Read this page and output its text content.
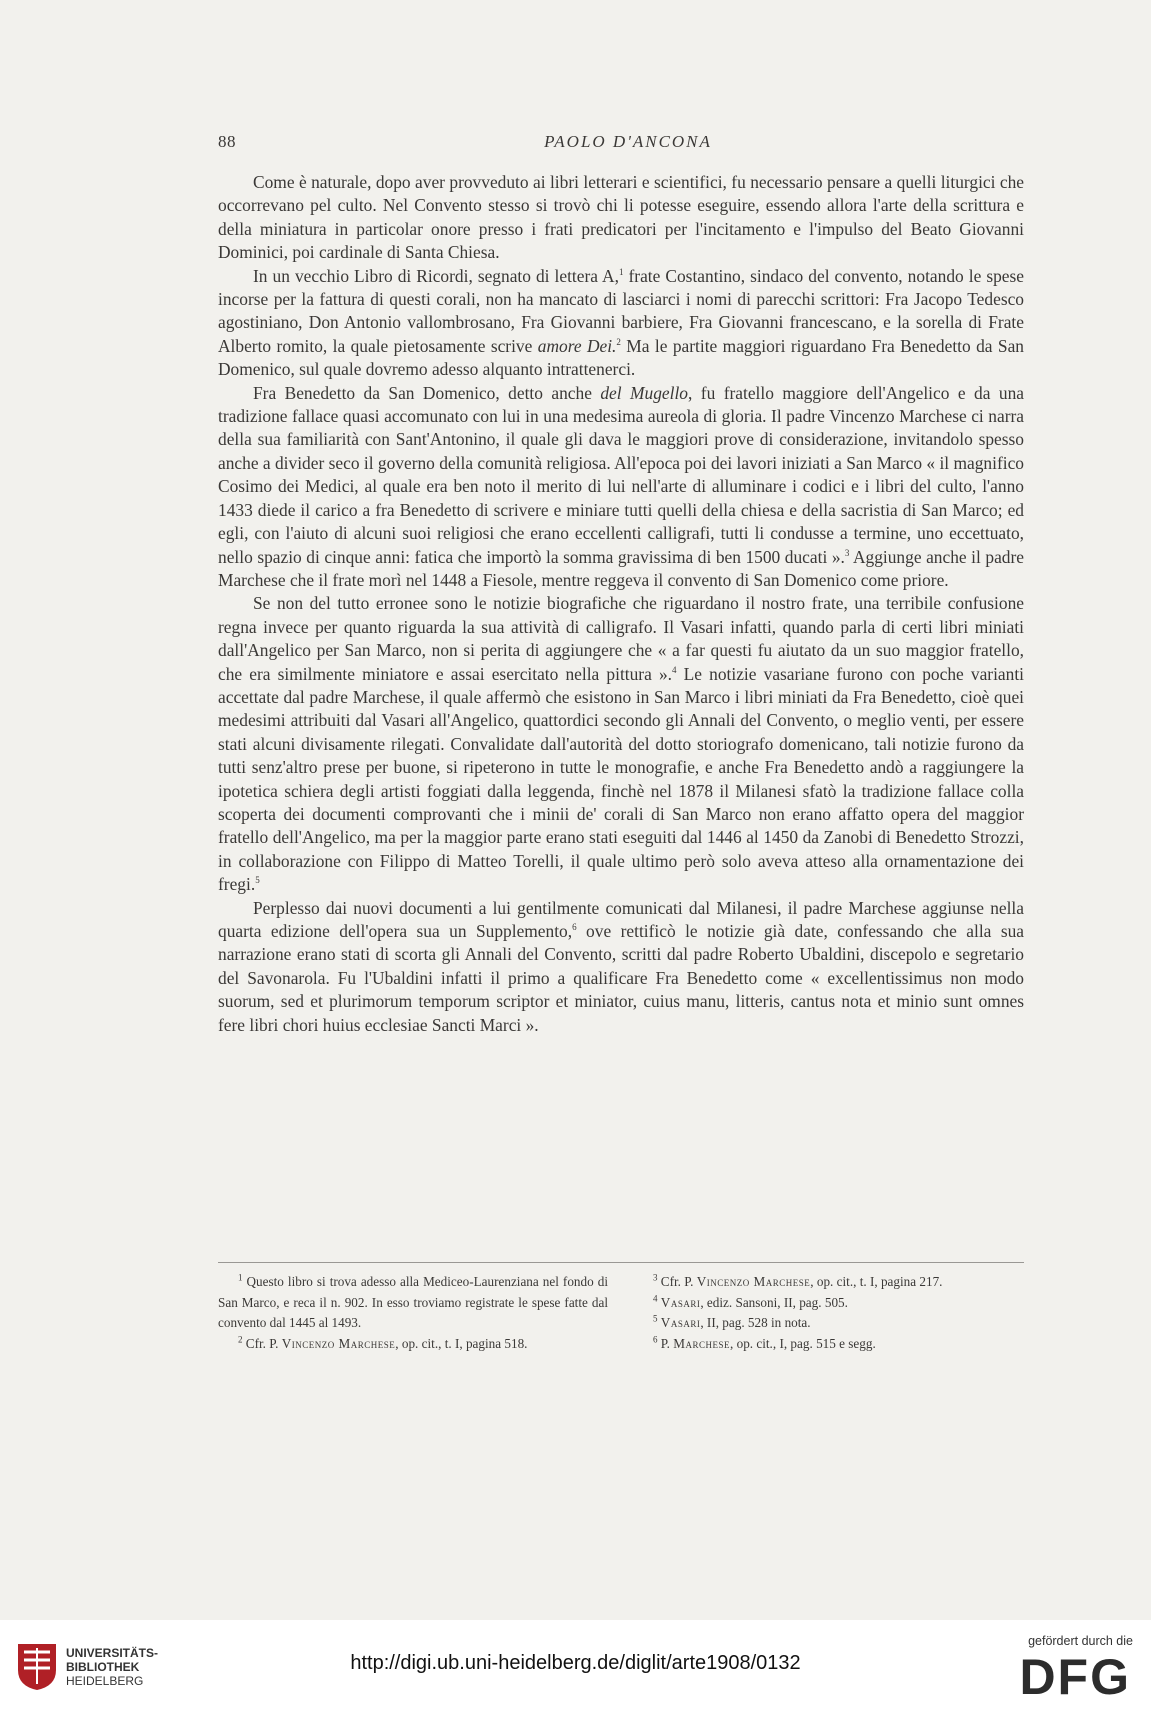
88	PAOLO D'ANCONA

Come è naturale, dopo aver provveduto ai libri letterari e scientifici, fu necessario pensare a quelli liturgici che occorrevano pel culto. Nel Convento stesso si trovò chi li potesse eseguire, essendo allora l'arte della scrittura e della miniatura in particolar onore presso i frati predicatori per l'incitamento e l'impulso del Beato Giovanni Dominici, poi cardinale di Santa Chiesa.

In un vecchio Libro di Ricordi, segnato di lettera A,$^1$ frate Costantino, sindaco del convento, notando le spese incorse per la fattura di questi corali, non ha mancato di lasciarci i nomi di parecchi scrittori: Fra Jacopo Tedesco agostiniano, Don Antonio vallombrosano, Fra Giovanni barbiere, Fra Giovanni francescano, e la sorella di Frate Alberto romito, la quale pietosamente scrive amore Dei.$^2$ Ma le partite maggiori riguardano Fra Benedetto da San Domenico, sul quale dovremo adesso alquanto intrattenerci.

Fra Benedetto da San Domenico, detto anche del Mugello, fu fratello maggiore dell'Angelico e da una tradizione fallace quasi accomunato con lui in una medesima aureola di gloria. Il padre Vincenzo Marchese ci narra della sua familiarità con Sant'Antonino, il quale gli dava le maggiori prove di considerazione, invitandolo spesso anche a divider seco il governo della comunità religiosa. All'epoca poi dei lavori iniziati a San Marco « il magnifico Cosimo dei Medici, al quale era ben noto il merito di lui nell'arte di alluminare i codici e i libri del culto, l'anno 1433 diede il carico a fra Benedetto di scrivere e miniare tutti quelli della chiesa e della sacristia di San Marco; ed egli, con l'aiuto di alcuni suoi religiosi che erano eccellenti calligrafi, tutti li condusse a termine, uno eccettuato, nello spazio di cinque anni: fatica che importò la somma gravissima di ben 1500 ducati ».$^3$ Aggiunge anche il padre Marchese che il frate morì nel 1448 a Fiesole, mentre reggeva il convento di San Domenico come priore.

Se non del tutto erronee sono le notizie biografiche che riguardano il nostro frate, una terribile confusione regna invece per quanto riguarda la sua attività di calligrafo. Il Vasari infatti, quando parla di certi libri miniati dall'Angelico per San Marco, non si perita di aggiungere che « a far questi fu aiutato da un suo maggior fratello, che era similmente miniatore e assai esercitato nella pittura ».$^4$ Le notizie vasariane furono con poche varianti accettate dal padre Marchese, il quale affermò che esistono in San Marco i libri miniati da Fra Benedetto, cioè quei medesimi attribuiti dal Vasari all'Angelico, quattordici secondo gli Annali del Convento, o meglio venti, per essere stati alcuni divisamente rilegati. Convalidate dall'autorità del dotto storiografo domenicano, tali notizie furono da tutti senz'altro prese per buone, si ripeterono in tutte le monografie, e anche Fra Benedetto andò a raggiungere la ipotetica schiera degli artisti foggiati dalla leggenda, finchè nel 1878 il Milanesi sfatò la tradizione fallace colla scoperta dei documenti comprovanti che i minii de' corali di San Marco non erano affatto opera del maggior fratello dell'Angelico, ma per la maggior parte erano stati eseguiti dal 1446 al 1450 da Zanobi di Benedetto Strozzi, in collaborazione con Filippo di Matteo Torelli, il quale ultimo però solo aveva atteso alla ornamentazione dei fregi.$^5$

Perplesso dai nuovi documenti a lui gentilmente comunicati dal Milanesi, il padre Marchese aggiunse nella quarta edizione dell'opera sua un Supplemento,$^6$ ove rettificò le notizie già date, confessando che alla sua narrazione erano stati di scorta gli Annali del Convento, scritti dal padre Roberto Ubaldini, discepolo e segretario del Savonarola. Fu l'Ubaldini infatti il primo a qualificare Fra Benedetto come « excellentissimus non modo suorum, sed et plurimorum temporum scriptor et miniator, cuius manu, litteris, cantus nota et minio sunt omnes fere libri chori huius ecclesiae Sancti Marci ».

$^1$ Questo libro si trova adesso alla Mediceo-Laurenziana nel fondo di San Marco, e reca il n. 902. In esso troviamo registrate le spese fatte dal convento dal 1445 al 1493.

$^2$ Cfr. P. Vincenzo Marchese, op. cit., t. I, pagina 518.

$^3$ Cfr. P. Vincenzo Marchese, op. cit., t. I, pagina 217.

$^4$ Vasari, ediz. Sansoni, II, pag. 505.

$^5$ Vasari, II, pag. 528 in nota.

$^6$ P. Marchese, op. cit., I, pag. 515 e segg.

UNIVERSITÄTS-
BIBLIOTHEK
HEIDELBERG
http://digi.ub.uni-heidelberg.de/diglit/arte1908/0132
gefördert durch die
DFG
